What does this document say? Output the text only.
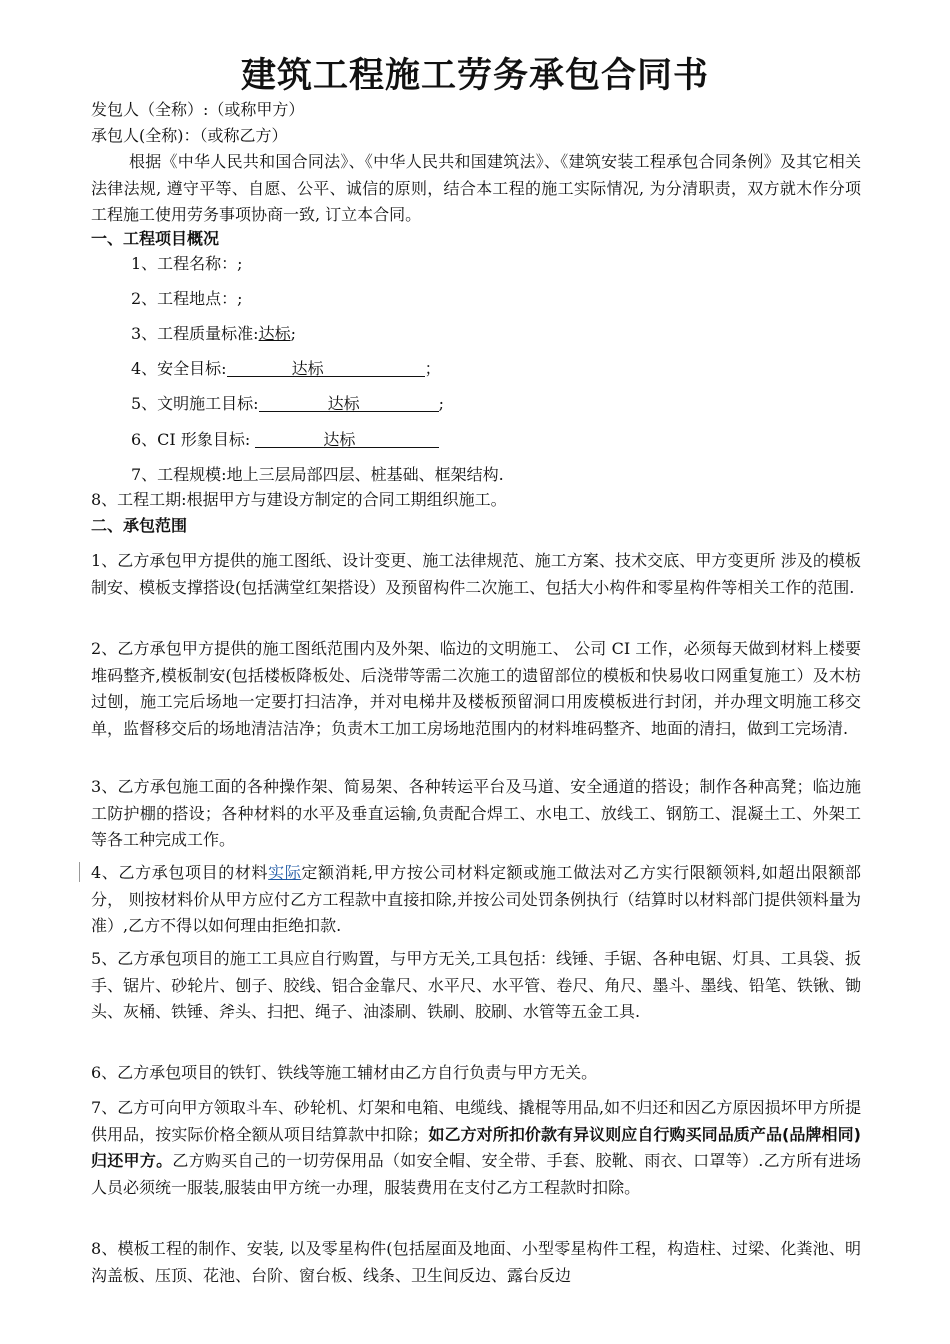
建筑工程施工劳务承包合同书
发包人（全称）:（或称甲方）
承包人(全称)：（或称乙方）
根据《中华人民共和国合同法》、《中华人民共和国建筑法》、《建筑安装工程承包合同条例》及其它相关法律法规, 遵守平等、自愿、公平、诚信的原则，结合本工程的施工实际情况, 为分清职责，双方就木作分项工程施工使用劳务事项协商一致, 订立本合同。
一、工程项目概况
1、工程名称：;
2、工程地点：;
3、工程质量标准:达标;
4、安全目标:	达标	；
5、文明施工目标:	达标	;
6、CI 形象目标:	达标
7、工程规模:地上三层局部四层、桩基础、框架结构.
8、工程工期:根据甲方与建设方制定的合同工期组织施工。
二、承包范围
1、乙方承包甲方提供的施工图纸、设计变更、施工法律规范、施工方案、技术交底、甲方变更所 涉及的模板制安、模板支撑搭设(包括满堂红架搭设）及预留构件二次施工、包括大小构件和零星构件等相关工作的范围.
2、乙方承包甲方提供的施工图纸范围内及外架、临边的文明施工、 公司 CI 工作，必须每天做到材料上楼要堆码整齐,模板制安(包括楼板降板处、后浇带等需二次施工的遗留部位的模板和快易收口网重复施工）及木枋过刨，施工完后场地一定要打扫洁净，并对电梯井及楼板预留洞口用废模板进行封闭，并办理文明施工移交单，监督移交后的场地清洁洁净；负责木工加工房场地范围内的材料堆码整齐、地面的清扫，做到工完场清.
3、乙方承包施工面的各种操作架、简易架、各种转运平台及马道、安全通道的搭设；制作各种高凳；临边施工防护棚的搭设；各种材料的水平及垂直运输,负责配合焊工、水电工、放线工、钢筋工、混凝土工、外架工等各工种完成工作。
4、乙方承包项目的材料实际定额消耗,甲方按公司材料定额或施工做法对乙方实行限额领料,如超出限额部分， 则按材料价从甲方应付乙方工程款中直接扣除,并按公司处罚条例执行（结算时以材料部门提供领料量为准）,乙方不得以如何理由拒绝扣款.
5、乙方承包项目的施工工具应自行购置，与甲方无关,工具包括：线锤、手锯、各种电锯、灯具、工具袋、扳手、锯片、砂轮片、刨子、胶线、铝合金靠尺、水平尺、水平管、卷尺、角尺、墨斗、墨线、铅笔、铁锹、锄头、灰桶、铁锤、斧头、扫把、绳子、油漆刷、铁刷、胶刷、水管等五金工具.
6、乙方承包项目的铁钉、铁线等施工辅材由乙方自行负责与甲方无关。
7、乙方可向甲方领取斗车、砂轮机、灯架和电箱、电缆线、撬棍等用品,如不归还和因乙方原因损坏甲方所提供用品，按实际价格全额从项目结算款中扣除；如乙方对所扣价款有异议则应自行购买同品质产品(品牌相同)归还甲方。乙方购买自己的一切劳保用品（如安全帽、安全带、手套、胶靴、雨衣、口罩等）.乙方所有进场人员必须统一服装,服装由甲方统一办理，服装费用在支付乙方工程款时扣除。
8、模板工程的制作、安装, 以及零星构件(包括屋面及地面、小型零星构件工程，构造柱、过梁、化粪池、明沟盖板、压顶、花池、台阶、窗台板、线条、卫生间反边、露台反边
